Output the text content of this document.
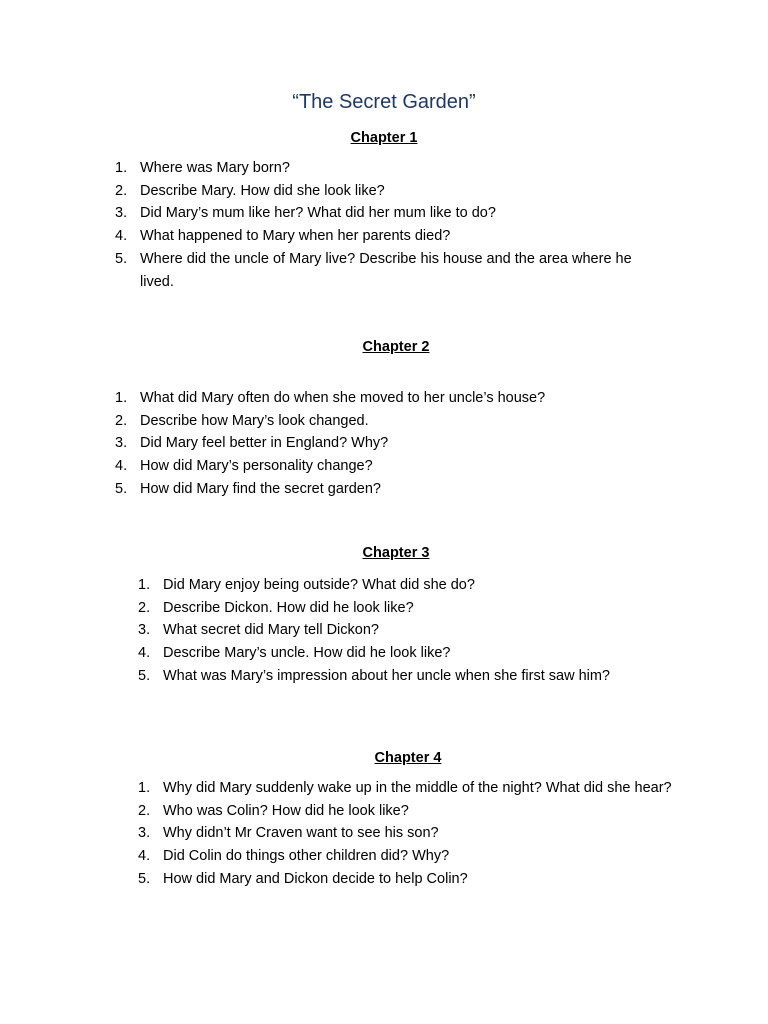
“The Secret Garden”
Chapter 1
1. Where was Mary born?
2. Describe Mary. How did she look like?
3. Did Mary’s mum like her? What did her mum like to do?
4. What happened to Mary when her parents died?
5. Where did the uncle of Mary live? Describe his house and the area where he lived.
Chapter 2
1. What did Mary often do when she moved to her uncle’s house?
2. Describe how Mary’s look changed.
3. Did Mary feel better in England? Why?
4. How did Mary’s personality change?
5. How did Mary find the secret garden?
Chapter 3
1. Did Mary enjoy being outside? What did she do?
2. Describe Dickon. How did he look like?
3. What secret did Mary tell Dickon?
4. Describe Mary’s uncle. How did he look like?
5. What was Mary’s impression about her uncle when she first saw him?
Chapter 4
1. Why did Mary suddenly wake up in the middle of the night? What did she hear?
2. Who was Colin? How did he look like?
3. Why didn’t Mr Craven want to see his son?
4. Did Colin do things other children did? Why?
5. How did Mary and Dickon decide to help Colin?
